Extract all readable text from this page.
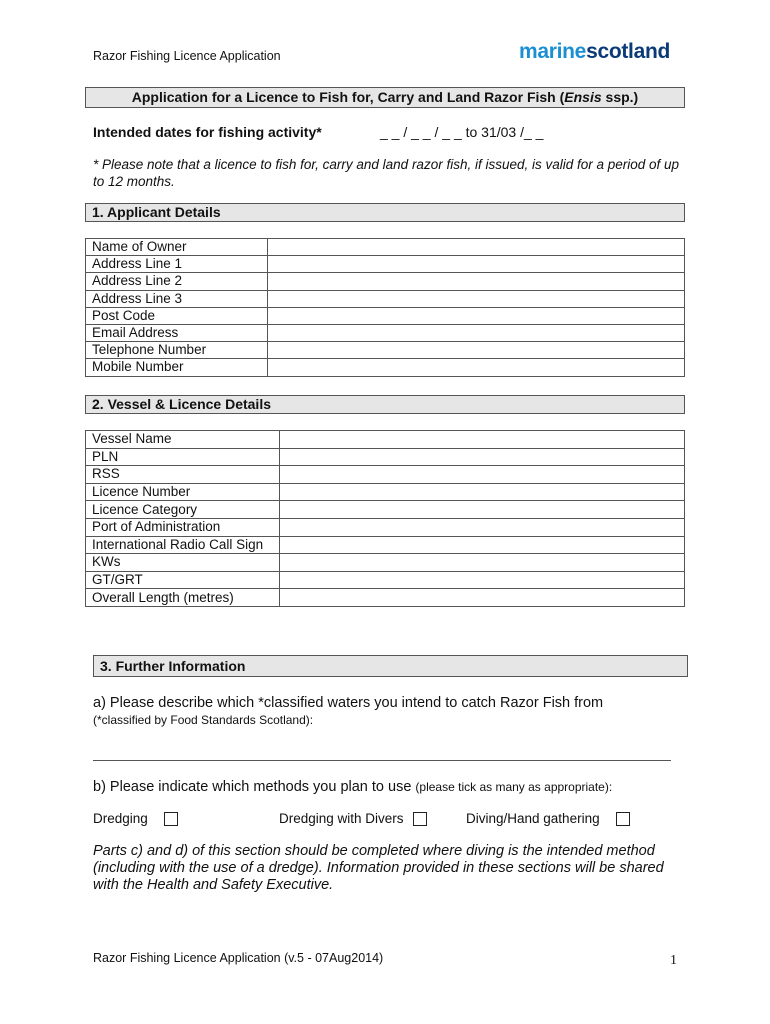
Razor Fishing Licence Application	marinescotland
Application for a Licence to Fish for, Carry and Land Razor Fish (Ensis ssp.)
Intended dates for fishing activity*	_ _ / _ _ / _ _ to 31/03 /_ _
* Please note that a licence to fish for, carry and land razor fish, if issued, is valid for a period of up to 12 months.
1. Applicant Details
Name of Owner	
Address Line 1	
Address Line 2	
Address Line 3	
Post Code	
Email Address	
Telephone Number	
Mobile Number	
2. Vessel & Licence Details
Vessel Name	
PLN	
RSS	
Licence Number	
Licence Category	
Port of Administration	
International Radio Call Sign	
KWs	
GT/GRT	
Overall Length (metres)	
3. Further Information
a) Please describe which *classified waters you intend to catch Razor Fish from
(*classified by Food Standards Scotland):
b) Please indicate which methods you plan to use (please tick as many as appropriate):
Dredging	Dredging with Divers	Diving/Hand gathering
Parts c) and d) of this section should be completed where diving is the intended method (including with the use of a dredge). Information provided in these sections will be shared with the Health and Safety Executive.
Razor Fishing Licence Application (v.5 - 07Aug2014)	1
